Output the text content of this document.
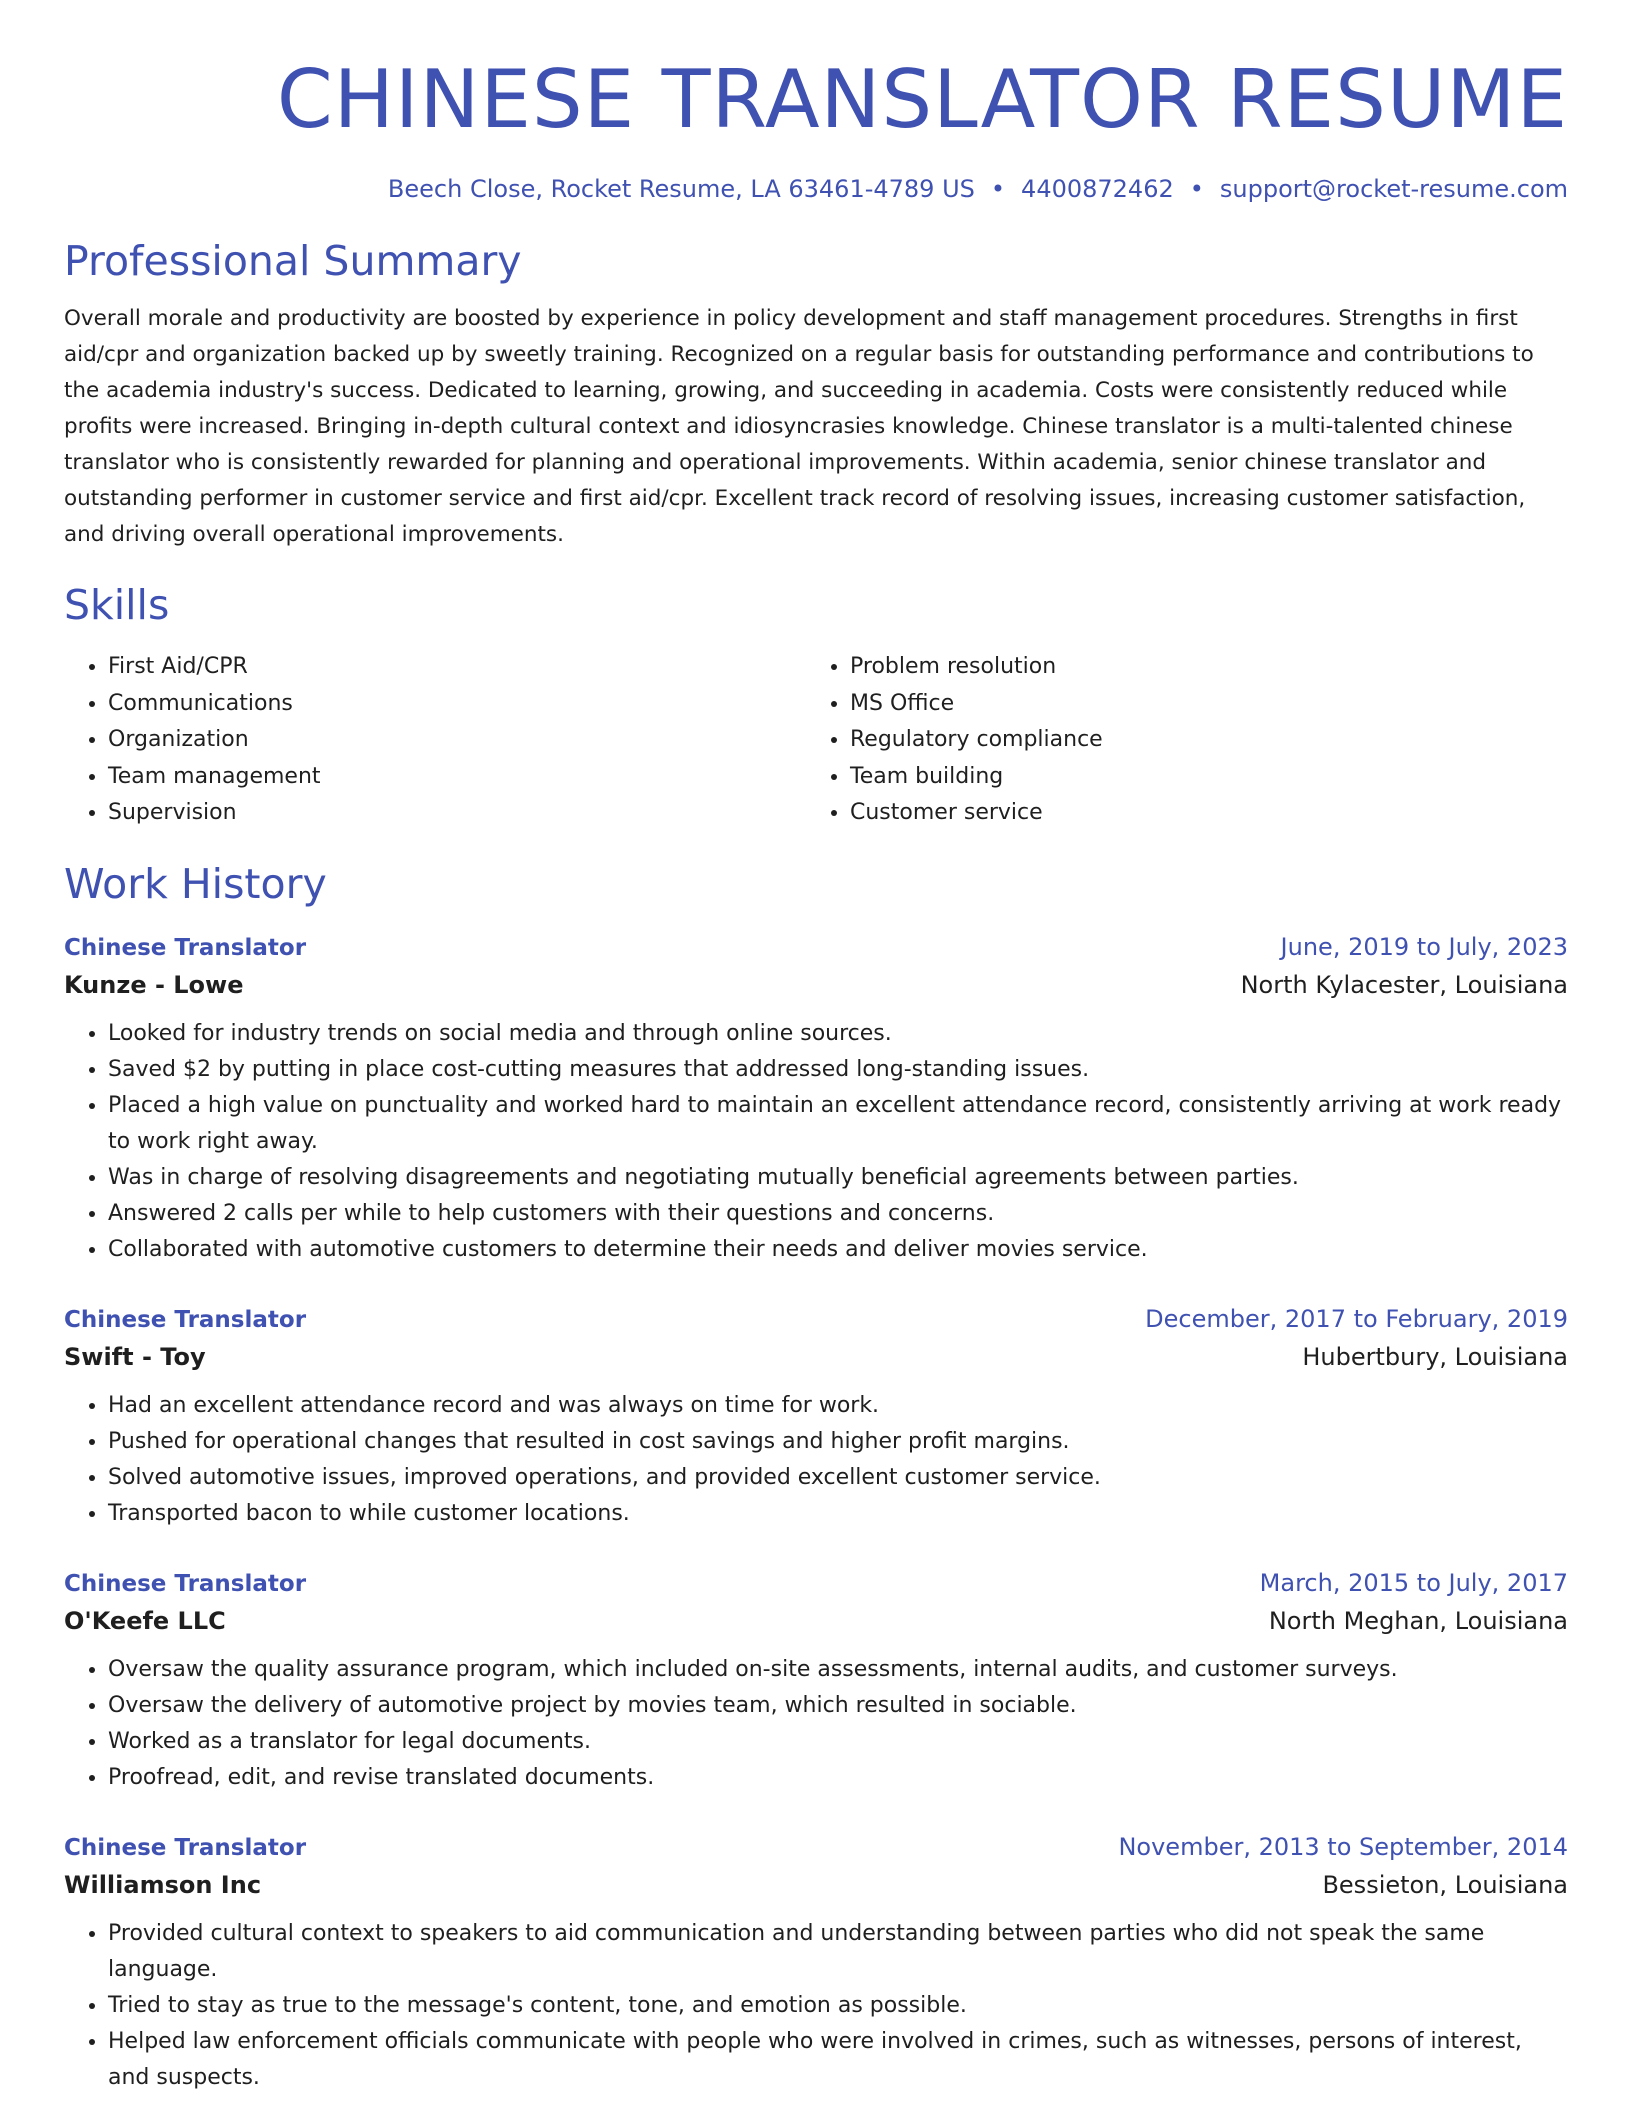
CHINESE TRANSLATOR RESUME
Beech Close, Rocket Resume, LA 63461-4789 US • 4400872462 • support@rocket-resume.com
Professional Summary
Overall morale and productivity are boosted by experience in policy development and staff management procedures. Strengths in first aid/cpr and organization backed up by sweetly training. Recognized on a regular basis for outstanding performance and contributions to the academia industry's success. Dedicated to learning, growing, and succeeding in academia. Costs were consistently reduced while profits were increased. Bringing in-depth cultural context and idiosyncrasies knowledge. Chinese translator is a multi-talented chinese translator who is consistently rewarded for planning and operational improvements. Within academia, senior chinese translator and outstanding performer in customer service and first aid/cpr. Excellent track record of resolving issues, increasing customer satisfaction, and driving overall operational improvements.
Skills
• First Aid/CPR
• Communications
• Organization
• Team management
• Supervision
• Problem resolution
• MS Office
• Regulatory compliance
• Team building
• Customer service
Work History
Chinese Translator	June, 2019 to July, 2023
Kunze - Lowe	North Kylacester, Louisiana
• Looked for industry trends on social media and through online sources.
• Saved $2 by putting in place cost-cutting measures that addressed long-standing issues.
• Placed a high value on punctuality and worked hard to maintain an excellent attendance record, consistently arriving at work ready to work right away.
• Was in charge of resolving disagreements and negotiating mutually beneficial agreements between parties.
• Answered 2 calls per while to help customers with their questions and concerns.
• Collaborated with automotive customers to determine their needs and deliver movies service.
Chinese Translator	December, 2017 to February, 2019
Swift - Toy	Hubertbury, Louisiana
• Had an excellent attendance record and was always on time for work.
• Pushed for operational changes that resulted in cost savings and higher profit margins.
• Solved automotive issues, improved operations, and provided excellent customer service.
• Transported bacon to while customer locations.
Chinese Translator	March, 2015 to July, 2017
O'Keefe LLC	North Meghan, Louisiana
• Oversaw the quality assurance program, which included on-site assessments, internal audits, and customer surveys.
• Oversaw the delivery of automotive project by movies team, which resulted in sociable.
• Worked as a translator for legal documents.
• Proofread, edit, and revise translated documents.
Chinese Translator	November, 2013 to September, 2014
Williamson Inc	Bessieton, Louisiana
• Provided cultural context to speakers to aid communication and understanding between parties who did not speak the same language.
• Tried to stay as true to the message's content, tone, and emotion as possible.
• Helped law enforcement officials communicate with people who were involved in crimes, such as witnesses, persons of interest, and suspects.
